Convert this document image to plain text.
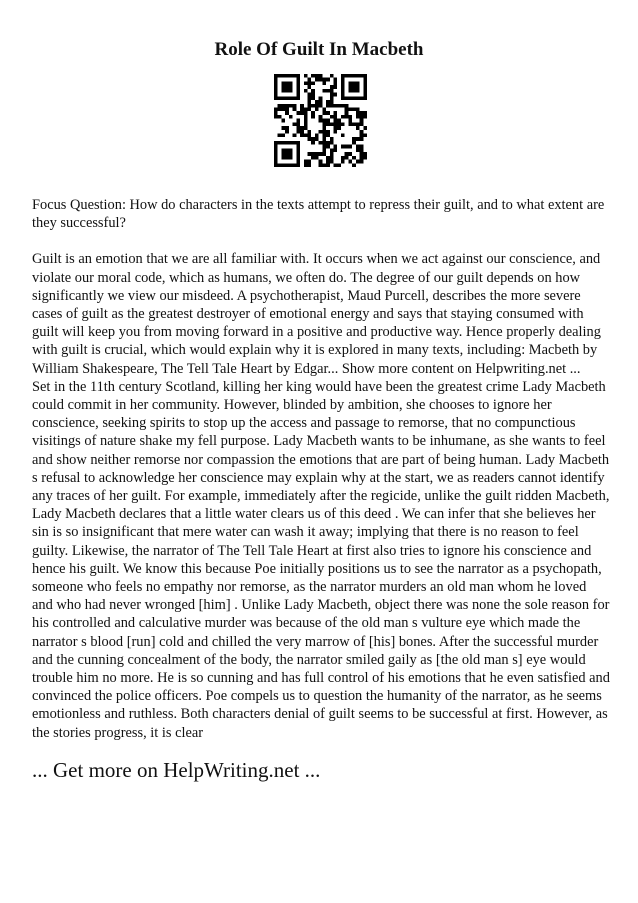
Role Of Guilt In Macbeth

Focus Question: How do characters in the texts attempt to repress their guilt, and to what extent are they successful?

Guilt is an emotion that we are all familiar with. It occurs when we act against our conscience, and violate our moral code, which as humans, we often do. The degree of our guilt depends on how significantly we view our misdeed. A psychotherapist, Maud Purcell, describes the more severe cases of guilt as the greatest destroyer of emotional energy and says that staying consumed with guilt will keep you from moving forward in a positive and productive way. Hence properly dealing with guilt is crucial, which would explain why it is explored in many texts, including: Macbeth by William Shakespeare, The Tell Tale Heart by Edgar... Show more content on Helpwriting.net ...

Set in the 11th century Scotland, killing her king would have been the greatest crime Lady Macbeth could commit in her community. However, blinded by ambition, she chooses to ignore her conscience, seeking spirits to stop up the access and passage to remorse, that no compunctious visitings of nature shake my fell purpose. Lady Macbeth wants to be inhumane, as she wants to feel and show neither remorse nor compassion the emotions that are part of being human. Lady Macbeth s refusal to acknowledge her conscience may explain why at the start, we as readers cannot identify any traces of her guilt. For example, immediately after the regicide, unlike the guilt ridden Macbeth, Lady Macbeth declares that a little water clears us of this deed . We can infer that she believes her sin is so insignificant that mere water can wash it away; implying that there is no reason to feel guilty. Likewise, the narrator of The Tell Tale Heart at first also tries to ignore his conscience and hence his guilt. We know this because Poe initially positions us to see the narrator as a psychopath, someone who feels no empathy nor remorse, as the narrator murders an old man whom he loved and who had never wronged [him] . Unlike Lady Macbeth, object there was none the sole reason for his controlled and calculative murder was because of the old man s vulture eye which made the narrator s blood [run] cold and chilled the very marrow of [his] bones. After the successful murder and the cunning concealment of the body, the narrator smiled gaily as [the old man s] eye would trouble him no more. He is so cunning and has full control of his emotions that he even satisfied and convinced the police officers. Poe compels us to question the humanity of the narrator, as he seems emotionless and ruthless. Both characters denial of guilt seems to be successful at first. However, as the stories progress, it is clear

... Get more on HelpWriting.net ...
